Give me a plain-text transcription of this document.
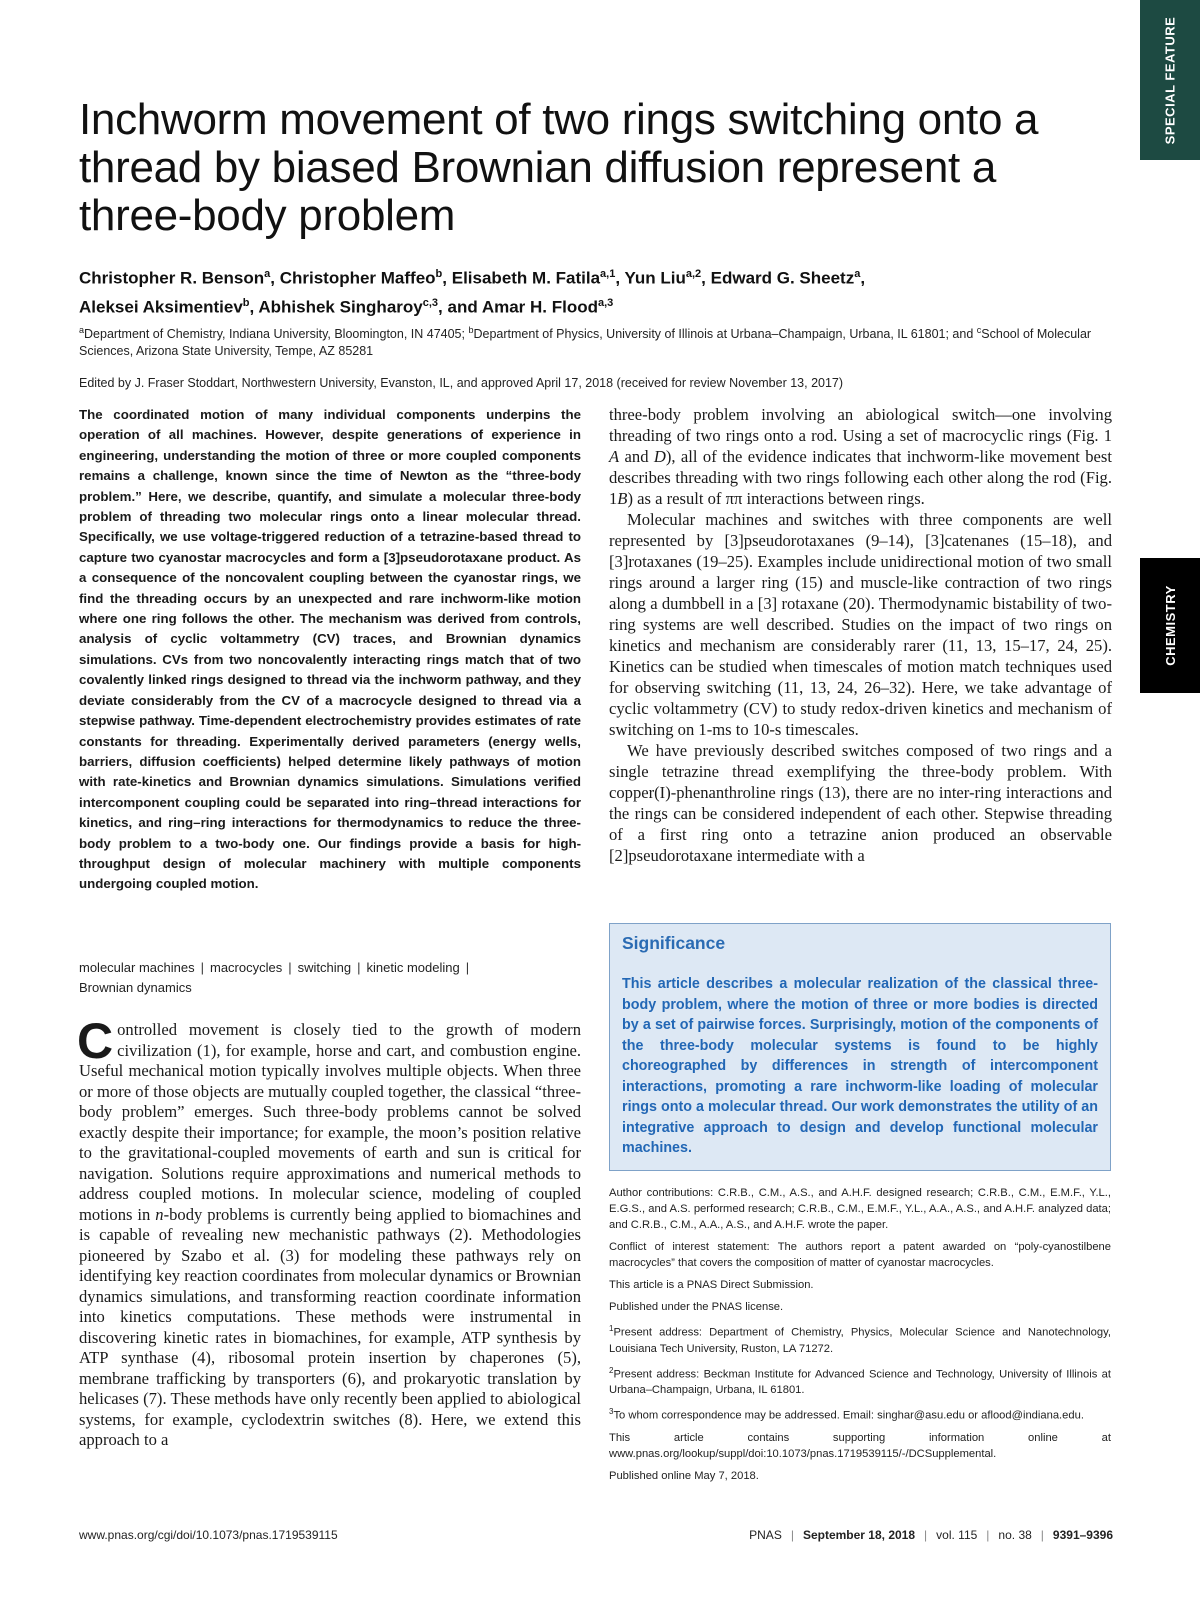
SPECIAL FEATURE
CHEMISTRY
Inchworm movement of two rings switching onto a thread by biased Brownian diffusion represent a three-body problem
Christopher R. Benson$^a$, Christopher Maffeo$^b$, Elisabeth M. Fatila$^{a,1}$, Yun Liu$^{a,2}$, Edward G. Sheetz$^a$,
Aleksei Aksimentiev$^b$, Abhishek Singharoy$^{c,3}$, and Amar H. Flood$^{a,3}$
$^a$Department of Chemistry, Indiana University, Bloomington, IN 47405; $^b$Department of Physics, University of Illinois at Urbana–Champaign, Urbana, IL 61801; and $^c$School of Molecular Sciences, Arizona State University, Tempe, AZ 85281
Edited by J. Fraser Stoddart, Northwestern University, Evanston, IL, and approved April 17, 2018 (received for review November 13, 2017)

The coordinated motion of many individual components underpins the operation of all machines. However, despite generations of experience in engineering, understanding the motion of three or more coupled components remains a challenge, known since the time of Newton as the “three-body problem.” Here, we describe, quantify, and simulate a molecular three-body problem of threading two molecular rings onto a linear molecular thread. Specifically, we use voltage-triggered reduction of a tetrazine-based thread to capture two cyanostar macrocycles and form a [3]pseudorotaxane product. As a consequence of the noncovalent coupling between the cyanostar rings, we find the threading occurs by an unexpected and rare inchworm-like motion where one ring follows the other. The mechanism was derived from controls, analysis of cyclic voltammetry (CV) traces, and Brownian dynamics simulations. CVs from two noncovalently interacting rings match that of two covalently linked rings designed to thread via the inchworm pathway, and they deviate considerably from the CV of a macrocycle designed to thread via a stepwise pathway. Time-dependent electrochemistry provides estimates of rate constants for threading. Experimentally derived parameters (energy wells, barriers, diffusion coefficients) helped determine likely pathways of motion with rate-kinetics and Brownian dynamics simulations. Simulations verified intercomponent coupling could be separated into ring–thread interactions for kinetics, and ring–ring interactions for thermodynamics to reduce the three-body problem to a two-body one. Our findings provide a basis for high-throughput design of molecular machinery with multiple components undergoing coupled motion.

molecular machines | macrocycles | switching | kinetic modeling |
Brownian dynamics

Controlled movement is closely tied to the growth of modern civilization (1), for example, horse and cart, and combustion engine. Useful mechanical motion typically involves multiple objects. When three or more of those objects are mutually coupled together, the classical “three-body problem” emerges. Such three-body problems cannot be solved exactly despite their importance; for example, the moon’s position relative to the gravitational-coupled movements of earth and sun is critical for navigation. Solutions require approximations and numerical methods to address coupled motions. In molecular science, modeling of coupled motions in n-body problems is currently being applied to biomachines and is capable of revealing new mechanistic pathways (2). Methodologies pioneered by Szabo et al. (3) for modeling these pathways rely on identifying key reaction coordinates from molecular dynamics or Brownian dynamics simulations, and transforming reaction coordinate information into kinetics computations. These methods were instrumental in discovering kinetic rates in biomachines, for example, ATP synthesis by ATP synthase (4), ribosomal protein insertion by chaperones (5), membrane trafficking by transporters (6), and prokaryotic translation by helicases (7). These methods have only recently been applied to abiological systems, for example, cyclodextrin switches (8). Here, we extend this approach to a

three-body problem involving an abiological switch—one involving threading of two rings onto a rod. Using a set of macrocyclic rings (Fig. 1 A and D), all of the evidence indicates that inchworm-like movement best describes threading with two rings following each other along the rod (Fig. 1B) as a result of ππ interactions between rings.

Molecular machines and switches with three components are well represented by [3]pseudorotaxanes (9–14), [3]catenanes (15–18), and [3]rotaxanes (19–25). Examples include unidirectional motion of two small rings around a larger ring (15) and muscle-like contraction of two rings along a dumbbell in a [3] rotaxane (20). Thermodynamic bistability of two-ring systems are well described. Studies on the impact of two rings on kinetics and mechanism are considerably rarer (11, 13, 15–17, 24, 25). Kinetics can be studied when timescales of motion match techniques used for observing switching (11, 13, 24, 26–32). Here, we take advantage of cyclic voltammetry (CV) to study redox-driven kinetics and mechanism of switching on 1-ms to 10-s timescales.

We have previously described switches composed of two rings and a single tetrazine thread exemplifying the three-body problem. With copper(I)-phenanthroline rings (13), there are no inter-ring interactions and the rings can be considered independent of each other. Stepwise threading of a first ring onto a tetrazine anion produced an observable [2]pseudorotaxane intermediate with a

Significance

This article describes a molecular realization of the classical three-body problem, where the motion of three or more bodies is directed by a set of pairwise forces. Surprisingly, motion of the components of the three-body molecular systems is found to be highly choreographed by differences in strength of intercomponent interactions, promoting a rare inchworm-like loading of molecular rings onto a molecular thread. Our work demonstrates the utility of an integrative approach to design and develop functional molecular machines.

Author contributions: C.R.B., C.M., A.S., and A.H.F. designed research; C.R.B., C.M., E.M.F., Y.L., E.G.S., and A.S. performed research; C.R.B., C.M., E.M.F., Y.L., A.A., A.S., and A.H.F. analyzed data; and C.R.B., C.M., A.A., A.S., and A.H.F. wrote the paper.

Conflict of interest statement: The authors report a patent awarded on “poly-cyanostilbene macrocycles” that covers the composition of matter of cyanostar macrocycles.

This article is a PNAS Direct Submission.

Published under the PNAS license.

$^1$Present address: Department of Chemistry, Physics, Molecular Science and Nanotechnology, Louisiana Tech University, Ruston, LA 71272.

$^2$Present address: Beckman Institute for Advanced Science and Technology, University of Illinois at Urbana–Champaign, Urbana, IL 61801.

$^3$To whom correspondence may be addressed. Email: singhar@asu.edu or aflood@indiana.edu.

This article contains supporting information online at www.pnas.org/lookup/suppl/doi:10.1073/pnas.1719539115/-/DCSupplemental.

Published online May 7, 2018.

www.pnas.org/cgi/doi/10.1073/pnas.1719539115	PNAS | September 18, 2018 | vol. 115 | no. 38 | 9391–9396
